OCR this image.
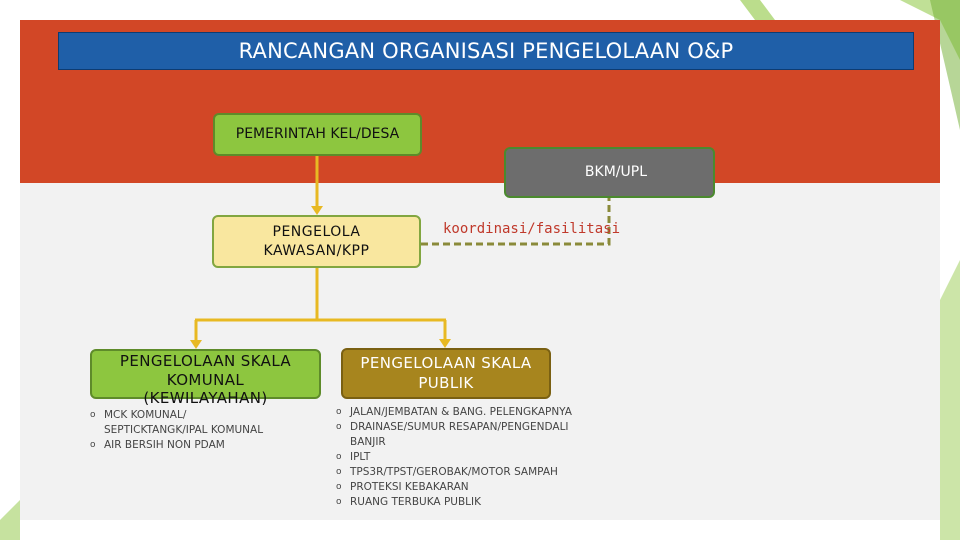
RANCANGAN ORGANISASI PENGELOLAAN O&P
PEMERINTAH KEL/DESA
BKM/UPL
PENGELOLA KAWASAN/KPP
koordinasi/fasilitasi
PENGELOLAAN SKALA KOMUNAL (KEWILAYAHAN)
PENGELOLAAN SKALA PUBLIK
o MCK KOMUNAL/ SEPTICKTANGK/IPAL KOMUNAL
o AIR BERSIH NON PDAM
o JALAN/JEMBATAN & BANG. PELENGKAPNYA
o DRAINASE/SUMUR RESAPAN/PENGENDALI BANJIR
o IPLT
o TPS3R/TPST/GEROBAK/MOTOR SAMPAH
o PROTEKSI KEBAKARAN
o RUANG TERBUKA PUBLIK
